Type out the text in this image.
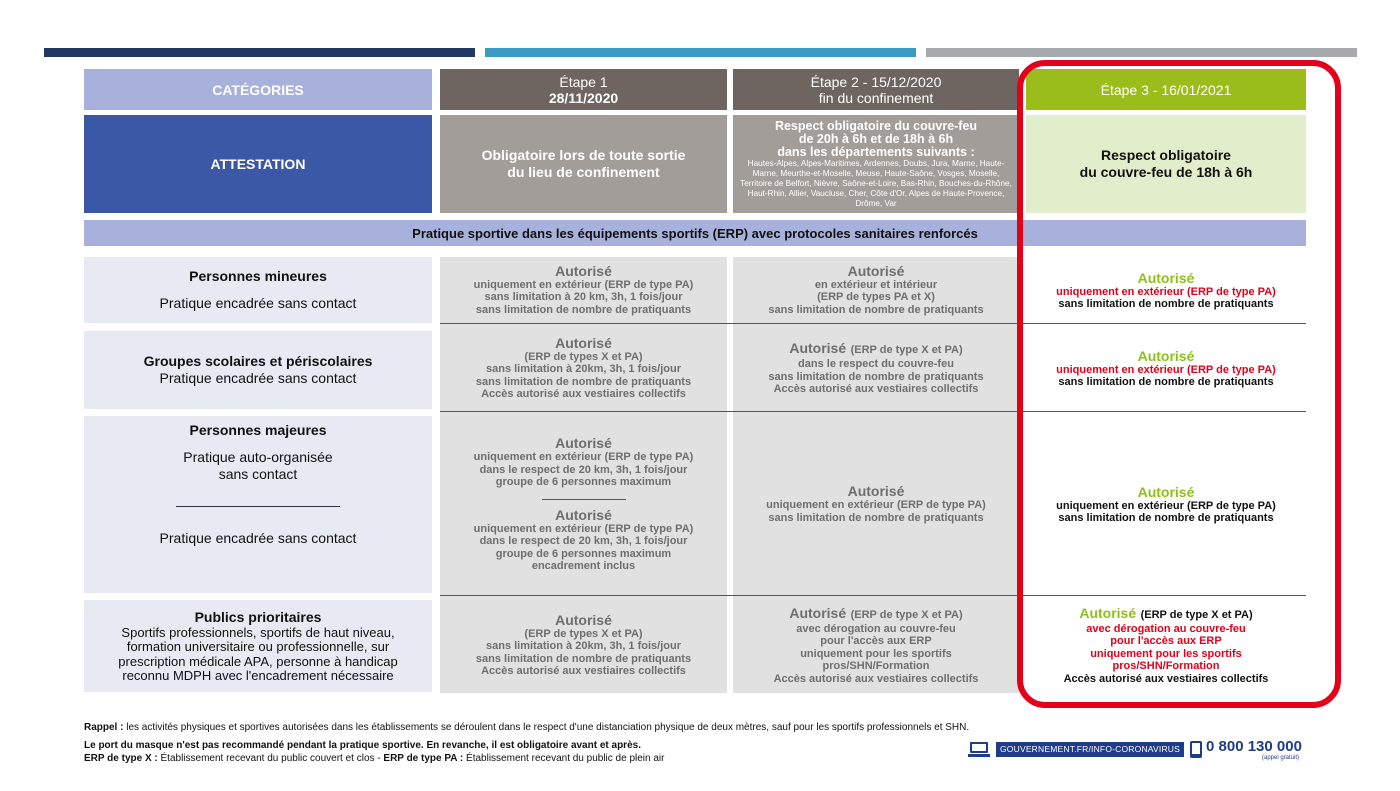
CATÉGORIES	Étape 1
28/11/2020
Étape 2 - 15/12/2020
fin du confinement	Étape 3 - 16/01/2021
ATTESTATION
Obligatoire lors de toute sortie
du lieu de confinement
Respect obligatoire du couvre-feu
de 20h à 6h et de 18h à 6h
dans les départements suivants :
Hautes-Alpes, Alpes-Maritimes, Ardennes, Doubs, Jura, Marne, Haute-Marne, Meurthe-et-Moselle, Meuse, Haute-Saône, Vosges, Moselle, Territoire de Belfort, Nièvre, Saône-et-Loire, Bas-Rhin, Bouches-du-Rhône, Haut-Rhin, Allier, Vaucluse, Cher, Côte d'Or, Alpes de Haute-Provence, Drôme, Var
Respect obligatoire
du couvre-feu de 18h à 6h
Pratique sportive dans les équipements sportifs (ERP) avec protocoles sanitaires renforcés
Personnes mineures
Pratique encadrée sans contact
Groupes scolaires et périscolaires
Pratique encadrée sans contact
Personnes majeures
Pratique auto-organisée
sans contact
Pratique encadrée sans contact
Publics prioritaires
Sportifs professionnels, sportifs de haut niveau,
formation universitaire ou professionnelle, sur
prescription médicale APA, personne à handicap
reconnu MDPH avec l'encadrement nécessaire
Autorisé
uniquement en extérieur (ERP de type PA)
sans limitation à 20 km, 3h, 1 fois/jour
sans limitation de nombre de pratiquants
Autorisé
en extérieur et intérieur
(ERP de types PA et X)
sans limitation de nombre de pratiquants
Autorisé
uniquement en extérieur (ERP de type PA)
sans limitation de nombre de pratiquants
Autorisé
(ERP de types X et PA)
sans limitation à 20km, 3h, 1 fois/jour
sans limitation de nombre de pratiquants
Accès autorisé aux vestiaires collectifs
Autorisé (ERP de type X et PA)
dans le respect du couvre-feu
sans limitation de nombre de pratiquants
Accès autorisé aux vestiaires collectifs
Autorisé
uniquement en extérieur (ERP de type PA)
sans limitation de nombre de pratiquants
Autorisé
uniquement en extérieur (ERP de type PA)
dans le respect de 20 km, 3h, 1 fois/jour
groupe de 6 personnes maximum
Autorisé
uniquement en extérieur (ERP de type PA)
dans le respect de 20 km, 3h, 1 fois/jour
groupe de 6 personnes maximum
encadrement inclus
Autorisé
uniquement en extérieur (ERP de type PA)
sans limitation de nombre de pratiquants
Autorisé
uniquement en extérieur (ERP de type PA)
sans limitation de nombre de pratiquants
Autorisé
(ERP de types X et PA)
sans limitation à 20km, 3h, 1 fois/jour
sans limitation de nombre de pratiquants
Accès autorisé aux vestiaires collectifs
Autorisé (ERP de type X et PA)
avec dérogation au couvre-feu
pour l'accès aux ERP
uniquement pour les sportifs
pros/SHN/Formation
Accès autorisé aux vestiaires collectifs
Autorisé (ERP de type X et PA)
avec dérogation au couvre-feu
pour l'accès aux ERP
uniquement pour les sportifs
pros/SHN/Formation
Accès autorisé aux vestiaires collectifs
Rappel : les activités physiques et sportives autorisées dans les établissements se déroulent dans le respect d'une distanciation physique de deux mètres, sauf pour les sportifs professionnels et SHN.
Le port du masque n'est pas recommandé pendant la pratique sportive. En revanche, il est obligatoire avant et après.
ERP de type X : Établissement recevant du public couvert et clos - ERP de type PA : Établissement recevant du public de plein air
GOUVERNEMENT.FR/INFO-CORONAVIRUS 0 800 130 000
(appel gratuit)
